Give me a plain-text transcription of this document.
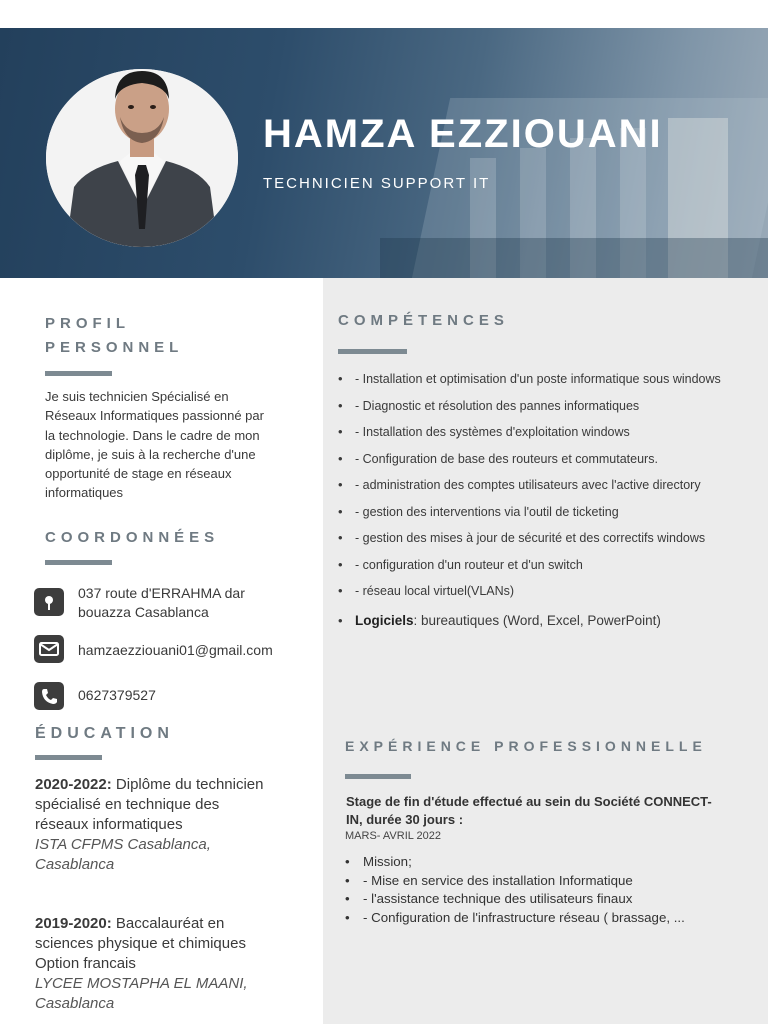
HAMZA EZZIOUANI
TECHNICIEN SUPPORT IT
PROFIL
PERSONNEL
Je suis technicien Spécialisé en Réseaux Informatiques passionné par la technologie. Dans le cadre de mon diplôme, je suis à la recherche d'une opportunité de stage en réseaux informatiques
COORDONNÉES
037 route d'ERRAHMA dar
bouazza Casablanca
hamzaezziouani01@gmail.com
0627379527
ÉDUCATION
2020-2022: Diplôme du technicien spécialisé en technique des réseaux informatiques
ISTA CFPMS Casablanca, Casablanca
2019-2020: Baccalauréat en sciences physique et chimiques Option francais
LYCEE MOSTAPHA EL MAANI, Casablanca
COMPÉTENCES
• - Installation et optimisation d'un poste informatique sous windows
• - Diagnostic et résolution des pannes informatiques
• - Installation des systèmes d'exploitation windows
• - Configuration de base des routeurs et commutateurs.
• - administration des comptes utilisateurs avec l'active directory
• - gestion des interventions via l'outil de ticketing
• - gestion des mises à jour de sécurité et des correctifs windows
• - configuration d'un routeur et d'un switch
• - réseau local virtuel(VLANs)
• Logiciels: bureautiques (Word, Excel, PowerPoint)
EXPÉRIENCE PROFESSIONNELLE
Stage de fin d'étude effectué au sein du Société CONNECT-IN, durée 30 jours :
MARS- AVRIL 2022
• Mission;
• - Mise en service des installation Informatique
• - l'assistance technique des utilisateurs finaux
• - Configuration de l'infrastructure réseau ( brassage, ...
